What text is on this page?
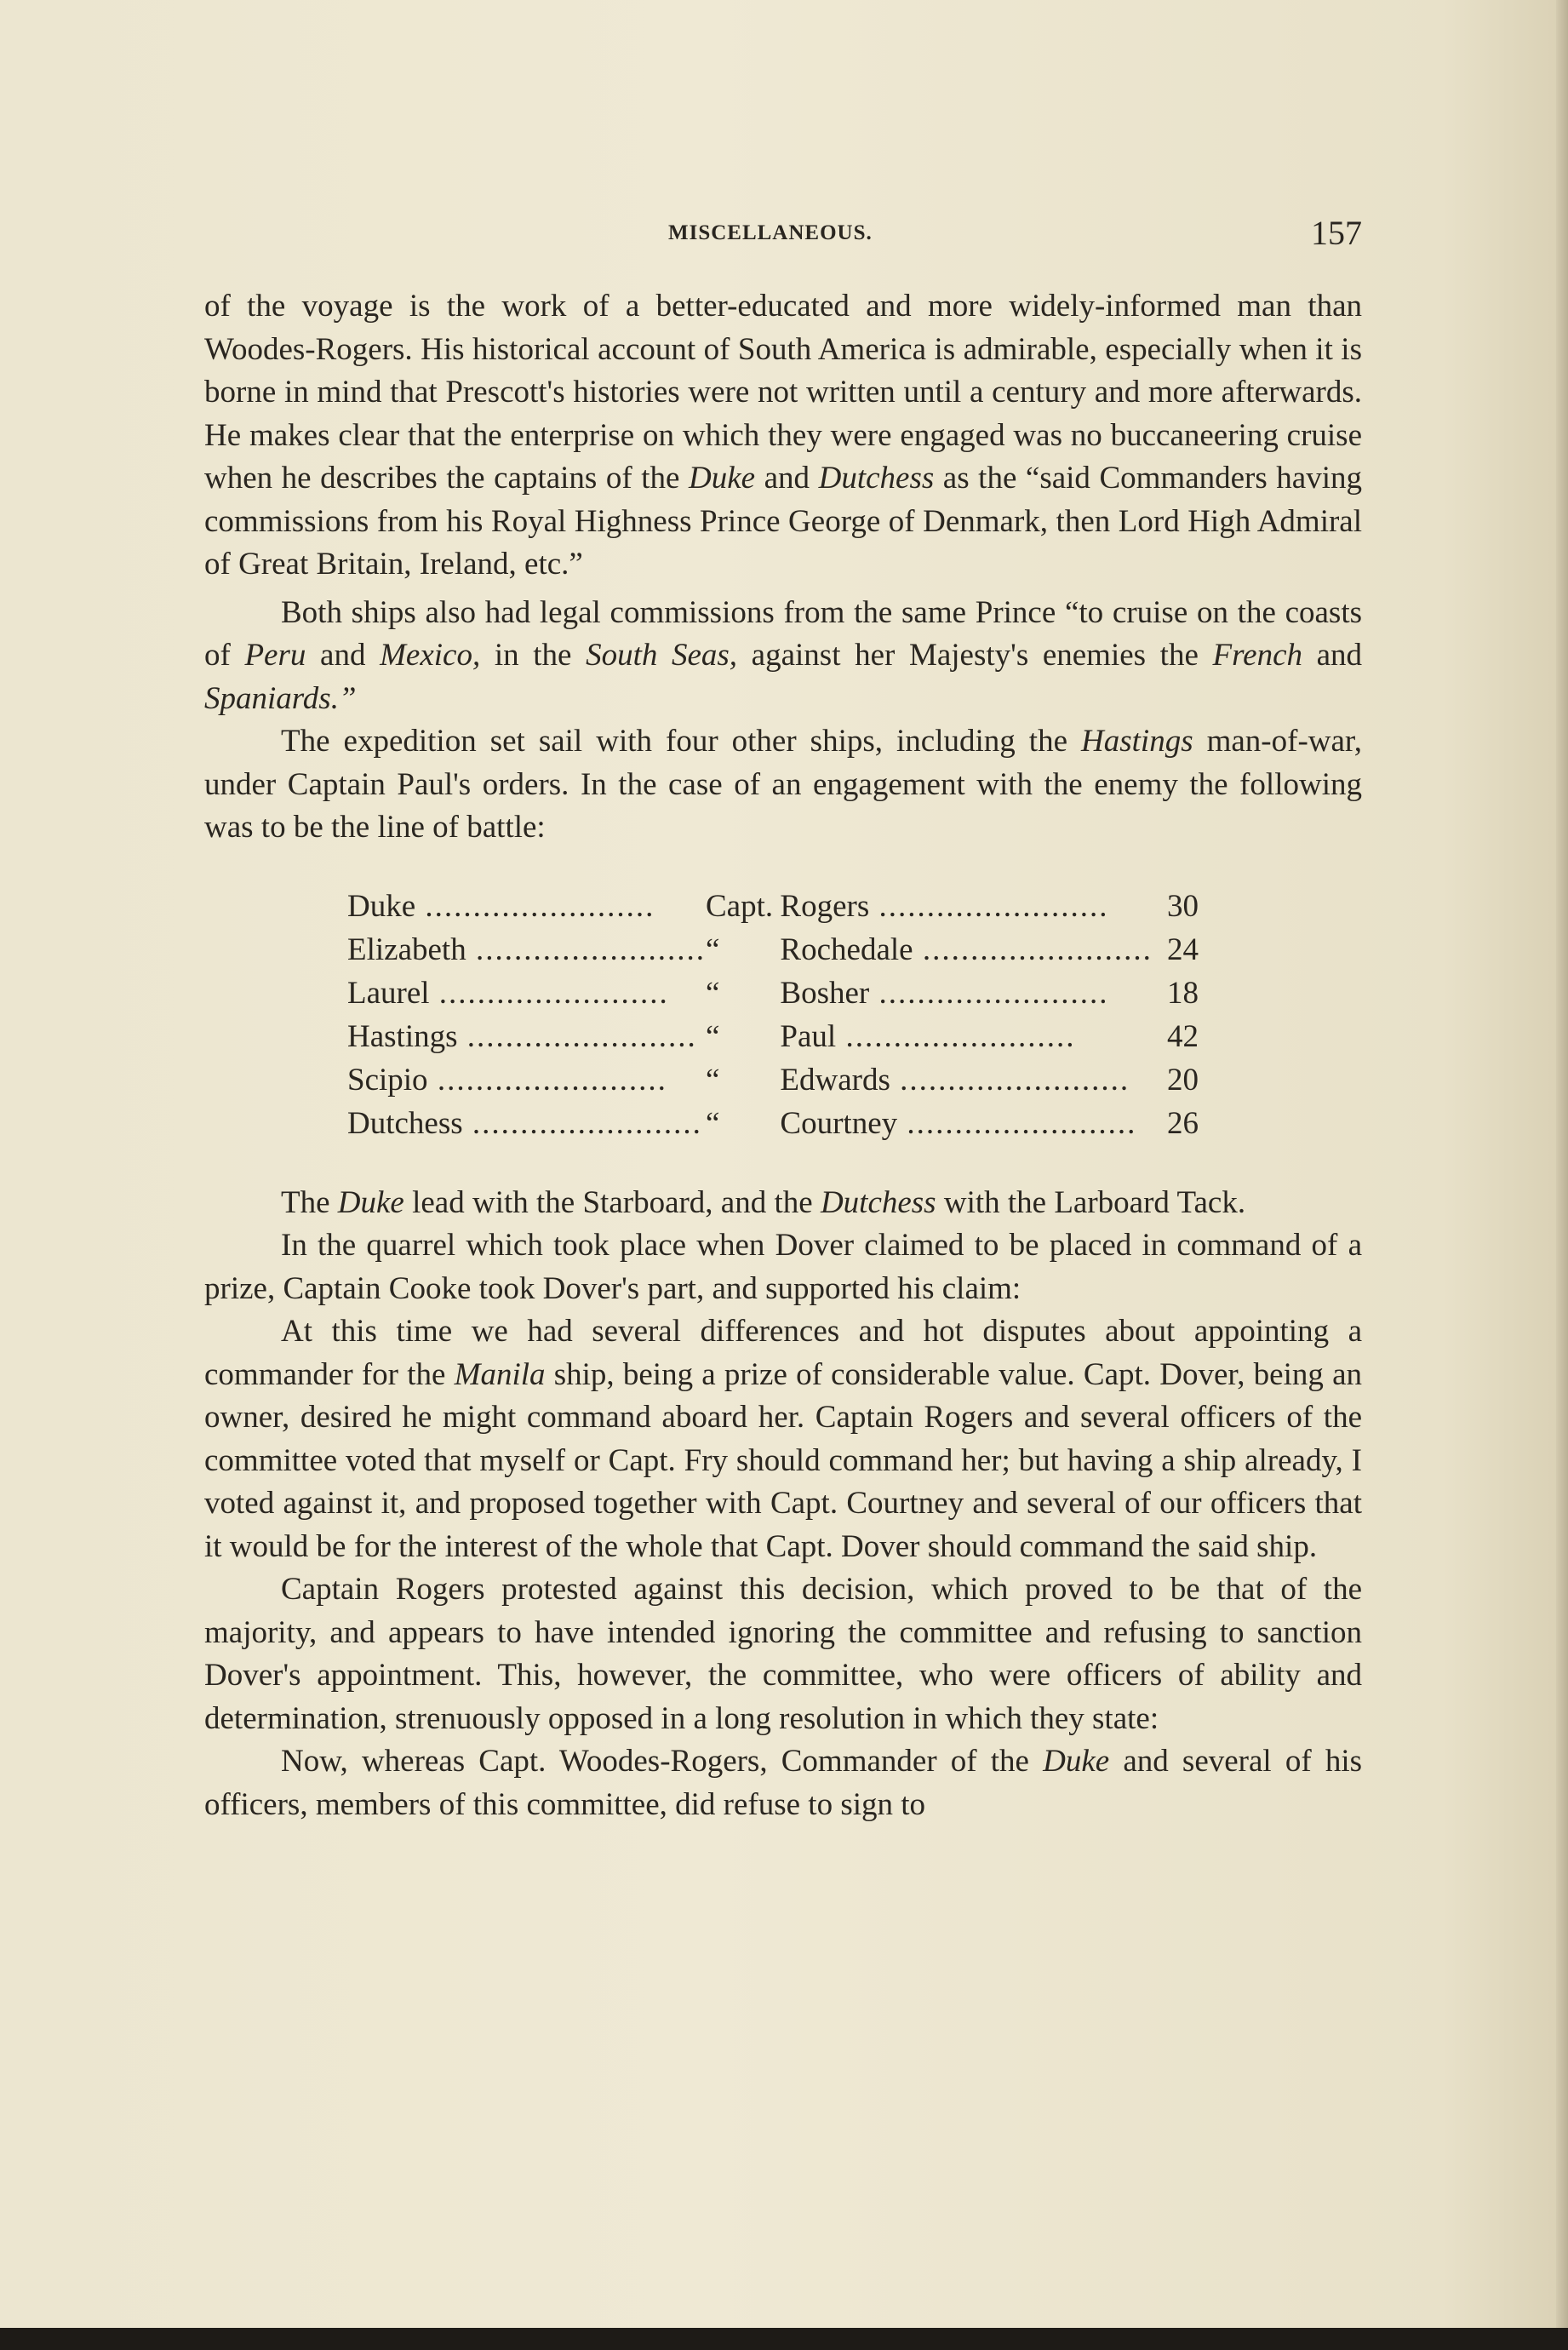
MISCELLANEOUS.	157

of the voyage is the work of a better-educated and more widely-informed man than Woodes-Rogers. His historical account of South America is admirable, especially when it is borne in mind that Prescott's histories were not written until a century and more afterwards. He makes clear that the enterprise on which they were engaged was no buccaneering cruise when he describes the captains of the Duke and Dutchess as the “said Commanders having commissions from his Royal Highness Prince George of Denmark, then Lord High Admiral of Great Britain, Ireland, etc.”

Both ships also had legal commissions from the same Prince “to cruise on the coasts of Peru and Mexico, in the South Seas, against her Majesty's enemies the French and Spaniards.”

The expedition set sail with four other ships, including the Hastings man-of-war, under Captain Paul's orders. In the case of an engagement with the enemy the following was to be the line of battle:

Duke .....	Capt.	Rogers .....	30

Elizabeth .....	“	Rochedale .....	24

Laurel .....	“	Bosher .....	18

Hastings .....	“	Paul .....	42

Scipio .....	“	Edwards .....	20

Dutchess .....	“	Courtney .....	26

The Duke lead with the Starboard, and the Dutchess with the Larboard Tack.

In the quarrel which took place when Dover claimed to be placed in command of a prize, Captain Cooke took Dover's part, and supported his claim:

At this time we had several differences and hot disputes about appointing a commander for the Manila ship, being a prize of considerable value. Capt. Dover, being an owner, desired he might command aboard her. Captain Rogers and several officers of the committee voted that myself or Capt. Fry should command her; but having a ship already, I voted against it, and proposed together with Capt. Courtney and several of our officers that it would be for the interest of the whole that Capt. Dover should command the said ship.

Captain Rogers protested against this decision, which proved to be that of the majority, and appears to have intended ignoring the committee and refusing to sanction Dover's appointment. This, however, the committee, who were officers of ability and determination, strenuously opposed in a long resolution in which they state:

Now, whereas Capt. Woodes-Rogers, Commander of the Duke and several of his officers, members of this committee, did refuse to sign to
